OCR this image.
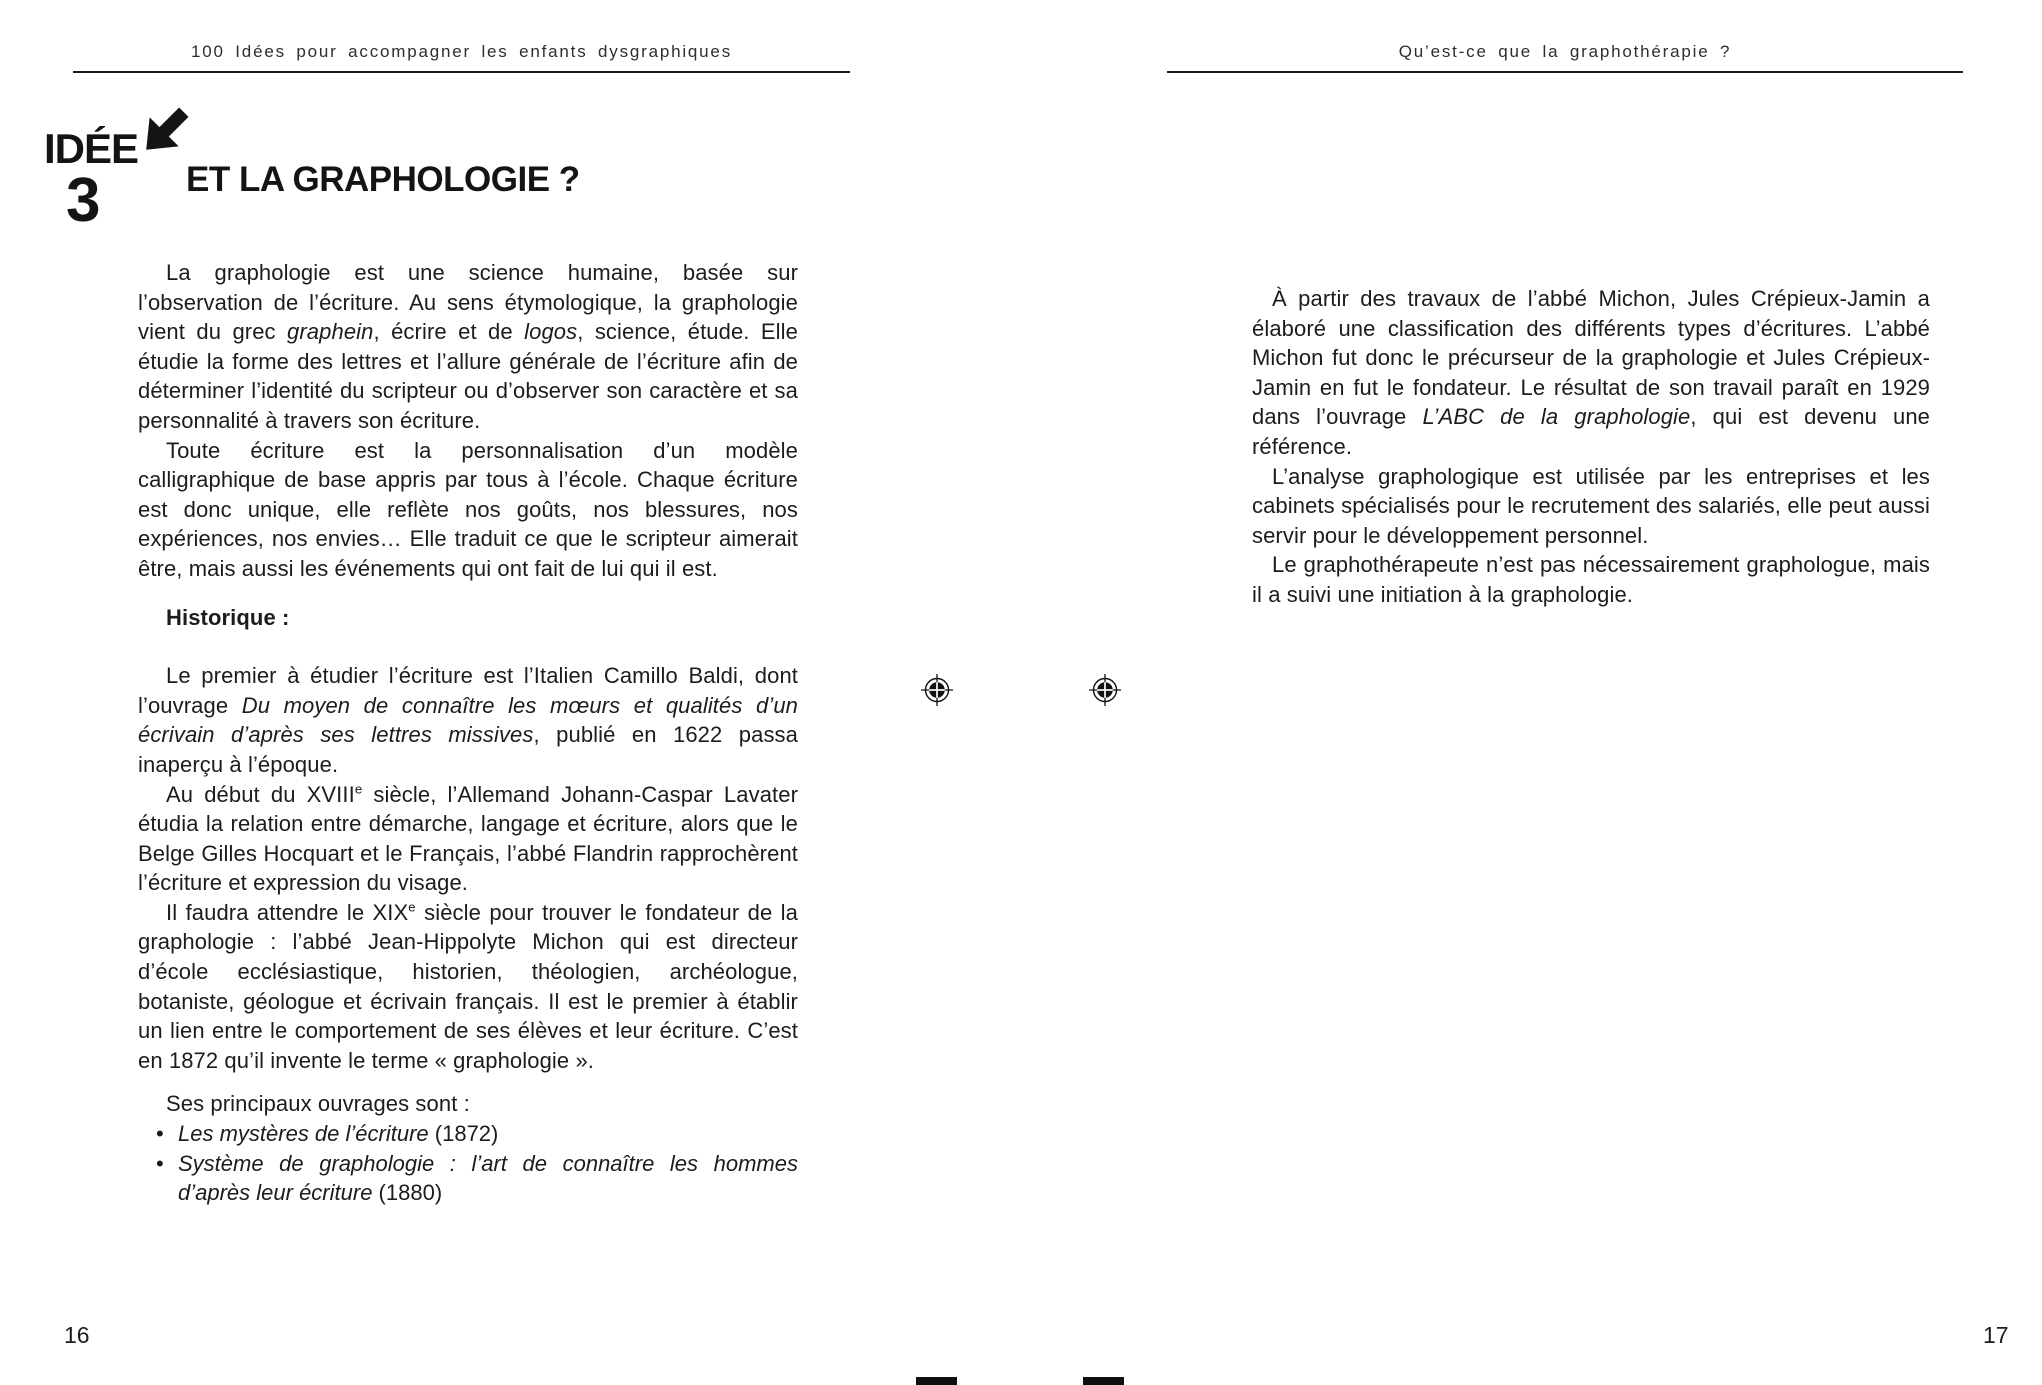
100 Idées pour accompagner les enfants dysgraphiques
IDÉE
3 ET LA GRAPHOLOGIE ?

La graphologie est une science humaine, basée sur l’observation de l’écriture. Au sens étymologique, la graphologie vient du grec graphein, écrire et de logos, science, étude. Elle étudie la forme des lettres et l’allure générale de l’écriture afin de déterminer l’identité du scripteur ou d’observer son caractère et sa personnalité à travers son écriture.

Toute écriture est la personnalisation d’un modèle calligraphique de base appris par tous à l’école. Chaque écriture est donc unique, elle reflète nos goûts, nos blessures, nos expériences, nos envies… Elle traduit ce que le scripteur aimerait être, mais aussi les événements qui ont fait de lui qui il est.

Historique :

Le premier à étudier l’écriture est l’Italien Camillo Baldi, dont l’ouvrage Du moyen de connaître les mœurs et qualités d’un écrivain d’après ses lettres missives, publié en 1622 passa inaperçu à l’époque.

Au début du XVIIIe siècle, l’Allemand Johann-Caspar Lavater étudia la relation entre démarche, langage et écriture, alors que le Belge Gilles Hocquart et le Français, l’abbé Flandrin rapprochèrent l’écriture et expression du visage.

Il faudra attendre le XIXe siècle pour trouver le fondateur de la graphologie : l’abbé Jean-Hippolyte Michon qui est directeur d’école ecclésiastique, historien, théologien, archéologue, botaniste, géologue et écrivain français. Il est le premier à établir un lien entre le comportement de ses élèves et leur écriture. C’est en 1872 qu’il invente le terme « graphologie ».

Ses principaux ouvrages sont :

• Les mystères de l’écriture (1872)
• Système de graphologie : l’art de connaître les hommes d’après leur écriture (1880)
16
Qu’est-ce que la graphothérapie ?

À partir des travaux de l’abbé Michon, Jules Crépieux-Jamin a élaboré une classification des différents types d’écritures. L’abbé Michon fut donc le précurseur de la graphologie et Jules Crépieux-Jamin en fut le fondateur. Le résultat de son travail paraît en 1929 dans l’ouvrage L’ABC de la graphologie, qui est devenu une référence.

L’analyse graphologique est utilisée par les entreprises et les cabinets spécialisés pour le recrutement des salariés, elle peut aussi servir pour le développement personnel.

Le graphothérapeute n’est pas nécessairement graphologue, mais il a suivi une initiation à la graphologie.

17
